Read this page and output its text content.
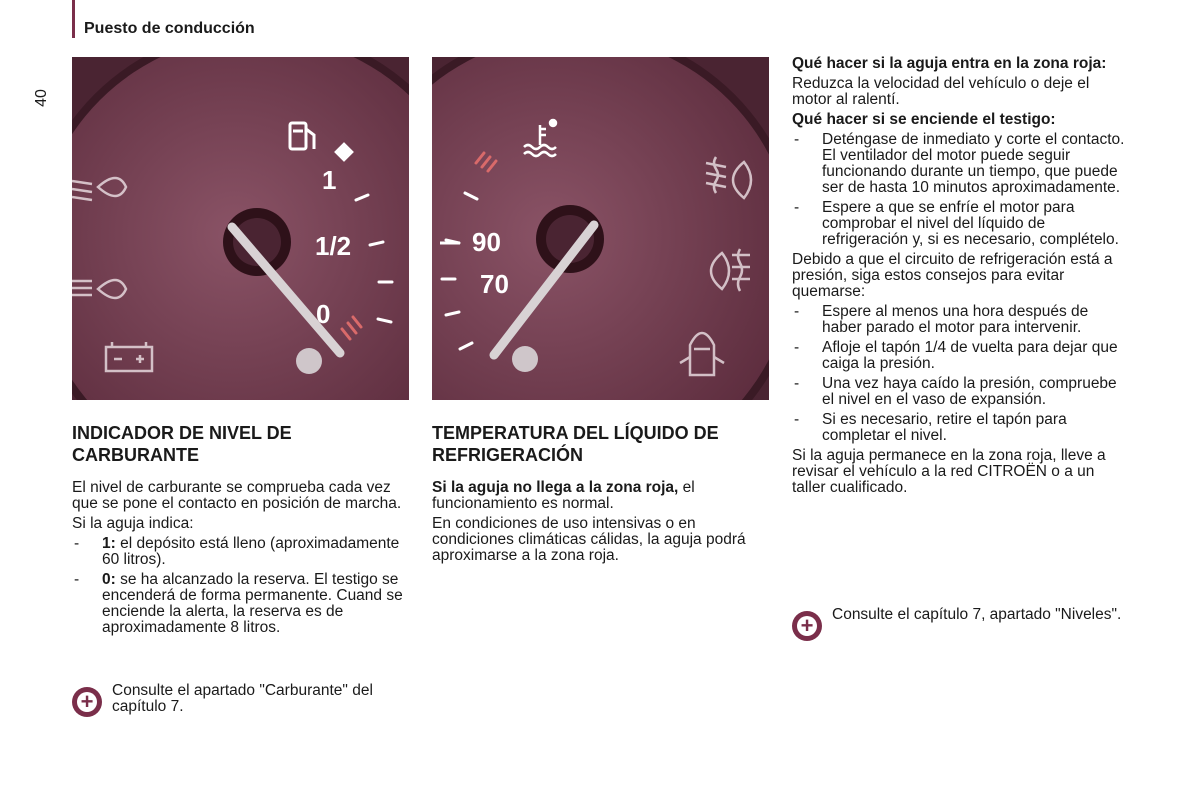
Puesto de conducción
40
1
1/2
0
90
70
INDICADOR DE NIVEL DE CARBURANTE

El nivel de carburante se comprueba cada vez que se pone el contacto en posición de marcha.

Si la aguja indica:

- 1: el depósito está lleno (aproximadamente 60 litros).
- 0: se ha alcanzado la reserva. El testigo se encenderá de forma permanente. Cuand se enciende la alerta, la reserva es de aproximadamente 8 litros.
+
Consulte el apartado "Carburante" del capítulo 7.
TEMPERATURA DEL LÍQUIDO DE REFRIGERACIÓN

Si la aguja no llega a la zona roja, el funcionamiento es normal.

En condiciones de uso intensivas o en condiciones climáticas cálidas, la aguja podrá aproximarse a la zona roja.

Qué hacer si la aguja entra en la zona roja:

Reduzca la velocidad del vehículo o deje el motor al ralentí.

Qué hacer si se enciende el testigo:

- Deténgase de inmediato y corte el contacto. El ventilador del motor puede seguir funcionando durante un tiempo, que puede ser de hasta 10 minutos aproximadamente.
- Espere a que se enfríe el motor para comprobar el nivel del líquido de refrigeración y, si es necesario, complételo.

Debido a que el circuito de refrigeración está a presión, siga estos consejos para evitar quemarse:

- Espere al menos una hora después de haber parado el motor para intervenir.
- Afloje el tapón 1/4 de vuelta para dejar que caiga la presión.
- Una vez haya caído la presión, compruebe el nivel en el vaso de expansión.
- Si es necesario, retire el tapón para completar el nivel.

Si la aguja permanece en la zona roja, lleve a revisar el vehículo a la red CITROËN o a un taller cualificado.

+
Consulte el capítulo 7, apartado "Niveles".
